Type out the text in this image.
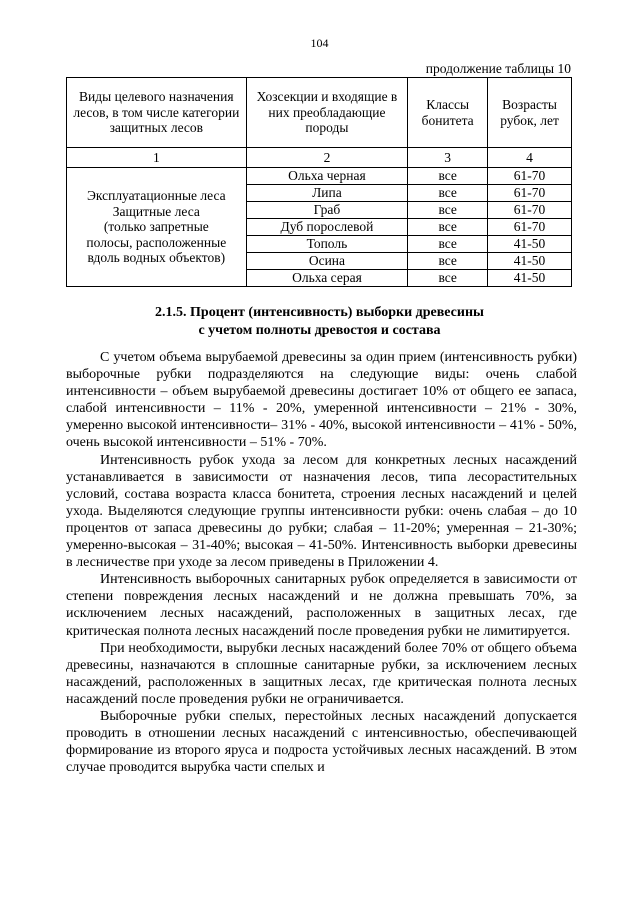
104
продолжение таблицы 10
Виды целевого назначения лесов, в том числе категории защитных лесов	Хозсекции и входящие в них преобладающие породы	Классы бонитета	Возрасты рубок, лет
1	2	3	4

Эксплуатационные леса
Защитные леса
(только запретные
полосы, расположенные
вдоль водных объектов)	Ольха черная	все	61-70
	Липа	все	61-70
	Граб	все	61-70
	Дуб порослевой	все	61-70
	Тополь	все	41-50
	Осина	все	41-50
	Ольха серая	все	41-50
2.1.5. Процент (интенсивность) выборки древесины
с учетом полноты древостоя и состава

С учетом объема вырубаемой древесины за один прием (интенсивность рубки) выборочные рубки подразделяются на следующие виды: очень слабой интенсивности – объем вырубаемой древесины достигает 10% от общего ее запаса, слабой интенсивности – 11% - 20%, умеренной интенсивности – 21% - 30%, умеренно высокой интенсивности– 31% - 40%, высокой интенсивности – 41% - 50%, очень высокой интенсивности – 51% - 70%.

Интенсивность рубок ухода за лесом для конкретных лесных насаждений устанавливается в зависимости от назначения лесов, типа лесорастительных условий, состава возраста класса бонитета, строения лесных насаждений и целей ухода. Выделяются следующие группы интенсивности рубки: очень слабая – до 10 процентов от запаса древесины до рубки; слабая – 11-20%; умеренная – 21-30%; умеренно-высокая – 31-40%; высокая – 41-50%. Интенсивность выборки древесины в лесничестве при уходе за лесом приведены в Приложении 4.

Интенсивность выборочных санитарных рубок определяется в зависимости от степени повреждения лесных насаждений и не должна превышать 70%, за исключением лесных насаждений, расположенных в защитных лесах, где критическая полнота лесных насаждений после проведения рубки не лимитируется.

При необходимости, вырубки лесных насаждений более 70% от общего объема древесины, назначаются в сплошные санитарные рубки, за исключением лесных насаждений, расположенных в защитных лесах, где критическая полнота лесных насаждений после проведения рубки не ограничивается.

Выборочные рубки спелых, перестойных лесных насаждений допускается проводить в отношении лесных насаждений с интенсивностью, обеспечивающей формирование из второго яруса и подроста устойчивых лесных насаждений. В этом случае проводится вырубка части спелых и
